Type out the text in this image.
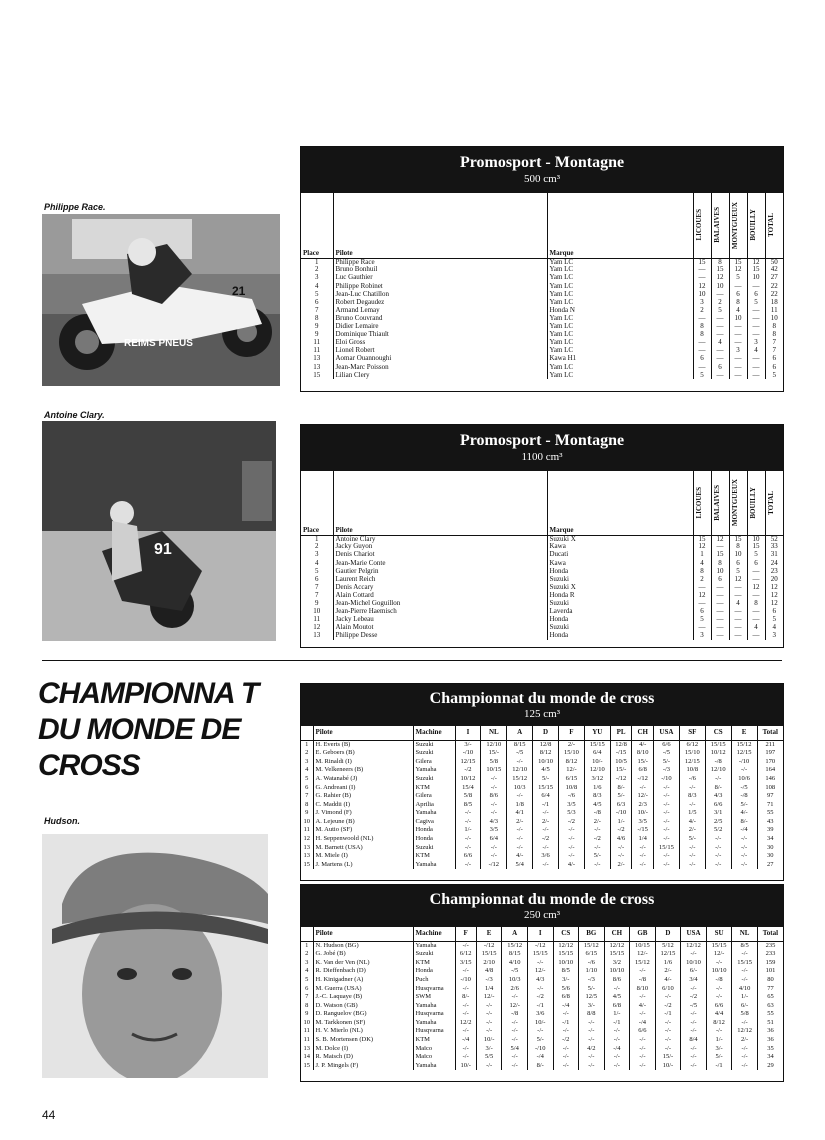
Philippe Race.
REIMS PNEUS
21
Antoine Clary.
91
Promosport - Montagne
500 cm³
Place	Pilote	Marque	LICOUES	BALAIVES	MONTGUEUX	BOUILLY	TOTAL

1	Philippe Race	Yam LC	15	8	15	12	50
2	Bruno Bonhuil	Yam LC	—	15	12	15	42
3	Luc Gauthier	Yam LC	—	12	5	10	27
4	Philippe Robinet	Yam LC	12	10	—	—	22
5	Jean-Luc Chatillon	Yam LC	10	—	6	6	22
6	Robert Degaudez	Yam LC	3	2	8	5	18
7	Armand Lemay	Honda N	2	5	4	—	11
8	Bruno Couvrand	Yam LC	—	—	10	—	10
9	Didier Lemaire	Yam LC	8	—	—	—	8
9	Dominique Thiault	Yam LC	8	—	—	—	8
11	Eloi Gross	Yam LC	—	4	—	3	7
11	Lionel Robert	Yam LC	—	—	3	4	7
13	Aomar Ouannoughi	Kawa H1	6	—	—	—	6
13	Jean-Marc Poisson	Yam LC	—	6	—	—	6
15	Lilian Clery	Yam LC	5	—	—	—	5
Promosport - Montagne
1100 cm³
Place	Pilote	Marque	LICOUES	BALAIVES	MONTGUEUX	BOUILLY	TOTAL

1	Antoine Clary	Suzuki X	15	12	15	10	52
2	Jacky Guyon	Kawa	12	—	8	15	33
3	Denis Chariot	Ducati	1	15	10	5	31
4	Jean-Marie Conte	Kawa	4	8	6	6	24
5	Gautier Pelgrin	Honda	8	10	5	—	23
6	Laurent Reich	Suzuki	2	6	12	—	20
7	Denis Accary	Suzuki X	—	—	—	12	12
7	Alain Cottard	Honda R	12	—	—	—	12
9	Jean-Michel Goguillon	Suzuki	—	—	4	8	12
10	Jean-Pierre Haemisch	Laverda	6	—	—	—	6
11	Jacky Lebeau	Honda	5	—	—	—	5
12	Alain Moutot	Suzuki	—	—	—	4	4
13	Philippe Desse	Honda	3	—	—	—	3
CHAMPIONNA T
DU MONDE DE
CROSS
Hudson.
Championnat du monde de cross
125 cm³
	Pilote	Machine	I	NL	A	D	F	YU	PL	CH	USA	SF	CS	E	Total
1	H. Everts (B)	Suzuki	3/-	12/10	8/15	12/8	2/-	15/15	12/8	4/-	6/6	6/12	15/15	15/12	211
2	E. Geboers (B)	Suzuki	-/10	15/-	-/5	8/12	15/10	6/4	-/15	8/10	-/5	15/10	10/12	12/15	197
3	M. Rinaldi (I)	Gilera	12/15	5/8	-/-	10/10	8/12	10/-	10/5	15/-	5/-	12/15	-/8	-/10	170
4	M. Velkeneers (B)	Yamaha	-/2	10/15	12/10	4/5	12/-	12/10	15/-	6/8	-/3	10/8	12/10	-/-	164
5	A. Watanabé (J)	Suzuki	10/12	-/-	15/12	5/-	6/15	3/12	-/12	-/12	-/10	-/6	-/-	10/6	146
6	G. Andreani (I)	KTM	15/4	-/-	10/3	15/15	10/8	1/6	8/-	-/-	-/-	-/-	8/-	-/5	108
7	G. Rahier (B)	Gilera	5/8	8/6	-/-	6/4	-/6	8/3	5/-	12/-	-/-	8/3	4/3	-/8	97
8	C. Maddii (I)	Aprilia	8/5	-/-	1/8	-/1	3/5	4/5	6/3	2/3	-/-	-/-	6/6	5/-	71
9	J. Vimond (F)	Yamaha	-/-	-/-	4/1	-/-	5/3	-/8	-/10	10/-	-/-	1/5	3/1	4/-	55
10	A. Lejeune (B)	Cagiva	-/-	4/3	2/-	2/-	-/2	2/-	1/-	3/5	-/-	4/-	2/5	8/-	43
11	M. Autio (SF)	Honda	1/-	3/5	-/-	-/-	-/-	-/-	-/2	-/15	-/-	2/-	5/2	-/4	39
12	H. Seppenwoold (NL)	Honda	-/-	6/4	-/-	-/2	-/-	-/2	4/6	1/4	-/-	5/-	-/-	-/-	34
13	M. Barnett (USA)	Suzuki	-/-	-/-	-/-	-/-	-/-	-/-	-/-	-/-	15/15	-/-	-/-	-/-	30
13	M. Miele (I)	KTM	6/6	-/-	4/-	3/6	-/-	5/-	-/-	-/-	-/-	-/-	-/-	-/-	30
15	J. Martens (L)	Yamaha	-/-	-/12	5/4	-/-	4/-	-/-	2/-	-/-	-/-	-/-	-/-	-/-	27
Championnat du monde de cross
250 cm³
	Pilote	Machine	F	E	A	I	CS	BG	CH	GB	D	USA	SU	NL	Total
1	N. Hudson (BG)	Yamaha	-/-	-/12	15/12	-/12	12/12	15/12	12/12	10/15	5/12	12/12	15/15	8/5	235
2	G. Jobé (B)	Suzuki	6/12	15/15	8/15	15/15	15/15	6/15	15/15	12/-	12/15	-/-	12/-	-/-	233
3	K. Van der Ven (NL)	KTM	3/15	2/10	4/10	-/-	10/10	-/6	3/2	15/12	1/6	10/10	-/-	15/15	159
4	R. Dieffenbach (D)	Honda	-/-	4/8	-/5	12/-	8/5	1/10	10/10	-/-	2/-	6/-	10/10	-/-	101
5	H. Kinigadner (A)	Puch	-/10	-/3	10/3	4/3	3/-	-/3	8/6	-/8	4/-	3/4	-/8	-/-	80
6	M. Guerra (USA)	Husqvarna	-/-	1/4	2/6	-/-	5/6	5/-	-/-	8/10	6/10	-/-	-/-	4/10	77
7	J.-C. Laquaye (B)	SWM	8/-	12/-	-/-	-/2	6/8	12/5	4/5	-/-	-/-	-/2	-/-	1/-	65
8	D. Watson (GB)	Yamaha	-/-	-/-	12/-	-/1	-/4	3/-	6/8	4/-	-/2	-/5	6/6	6/-	63
9	D. Ranguelov (BG)	Husqvarna	-/-	-/-	-/8	3/6	-/-	8/8	1/-	-/-	-/1	-/-	4/4	5/8	55
10	M. Tarkkonen (SF)	Yamaha	12/2	-/-	-/-	10/-	-/1	-/-	-/1	-/4	-/-	-/-	8/12	-/-	51
11	H. V. Mierlo (NL)	Husqvarna	-/-	-/-	-/-	-/-	-/-	-/-	-/-	6/6	-/-	-/-	-/-	12/12	36
11	S. B. Mortensen (DK)	KTM	-/4	10/-	-/-	5/-	-/2	-/-	-/-	-/-	-/-	8/4	1/-	2/-	36
13	M. Dolce (I)	Maïco	-/-	3/-	5/4	-/10	-/-	4/2	-/4	-/-	-/-	-/-	3/-	-/-	35
14	R. Maisch (D)	Maïco	-/-	5/5	-/-	-/4	-/-	-/-	-/-	-/-	15/-	-/-	5/-	-/-	34
15	J. P. Mingels (F)	Yamaha	10/-	-/-	-/-	8/-	-/-	-/-	-/-	-/-	10/-	-/-	-/1	-/-	29
44
